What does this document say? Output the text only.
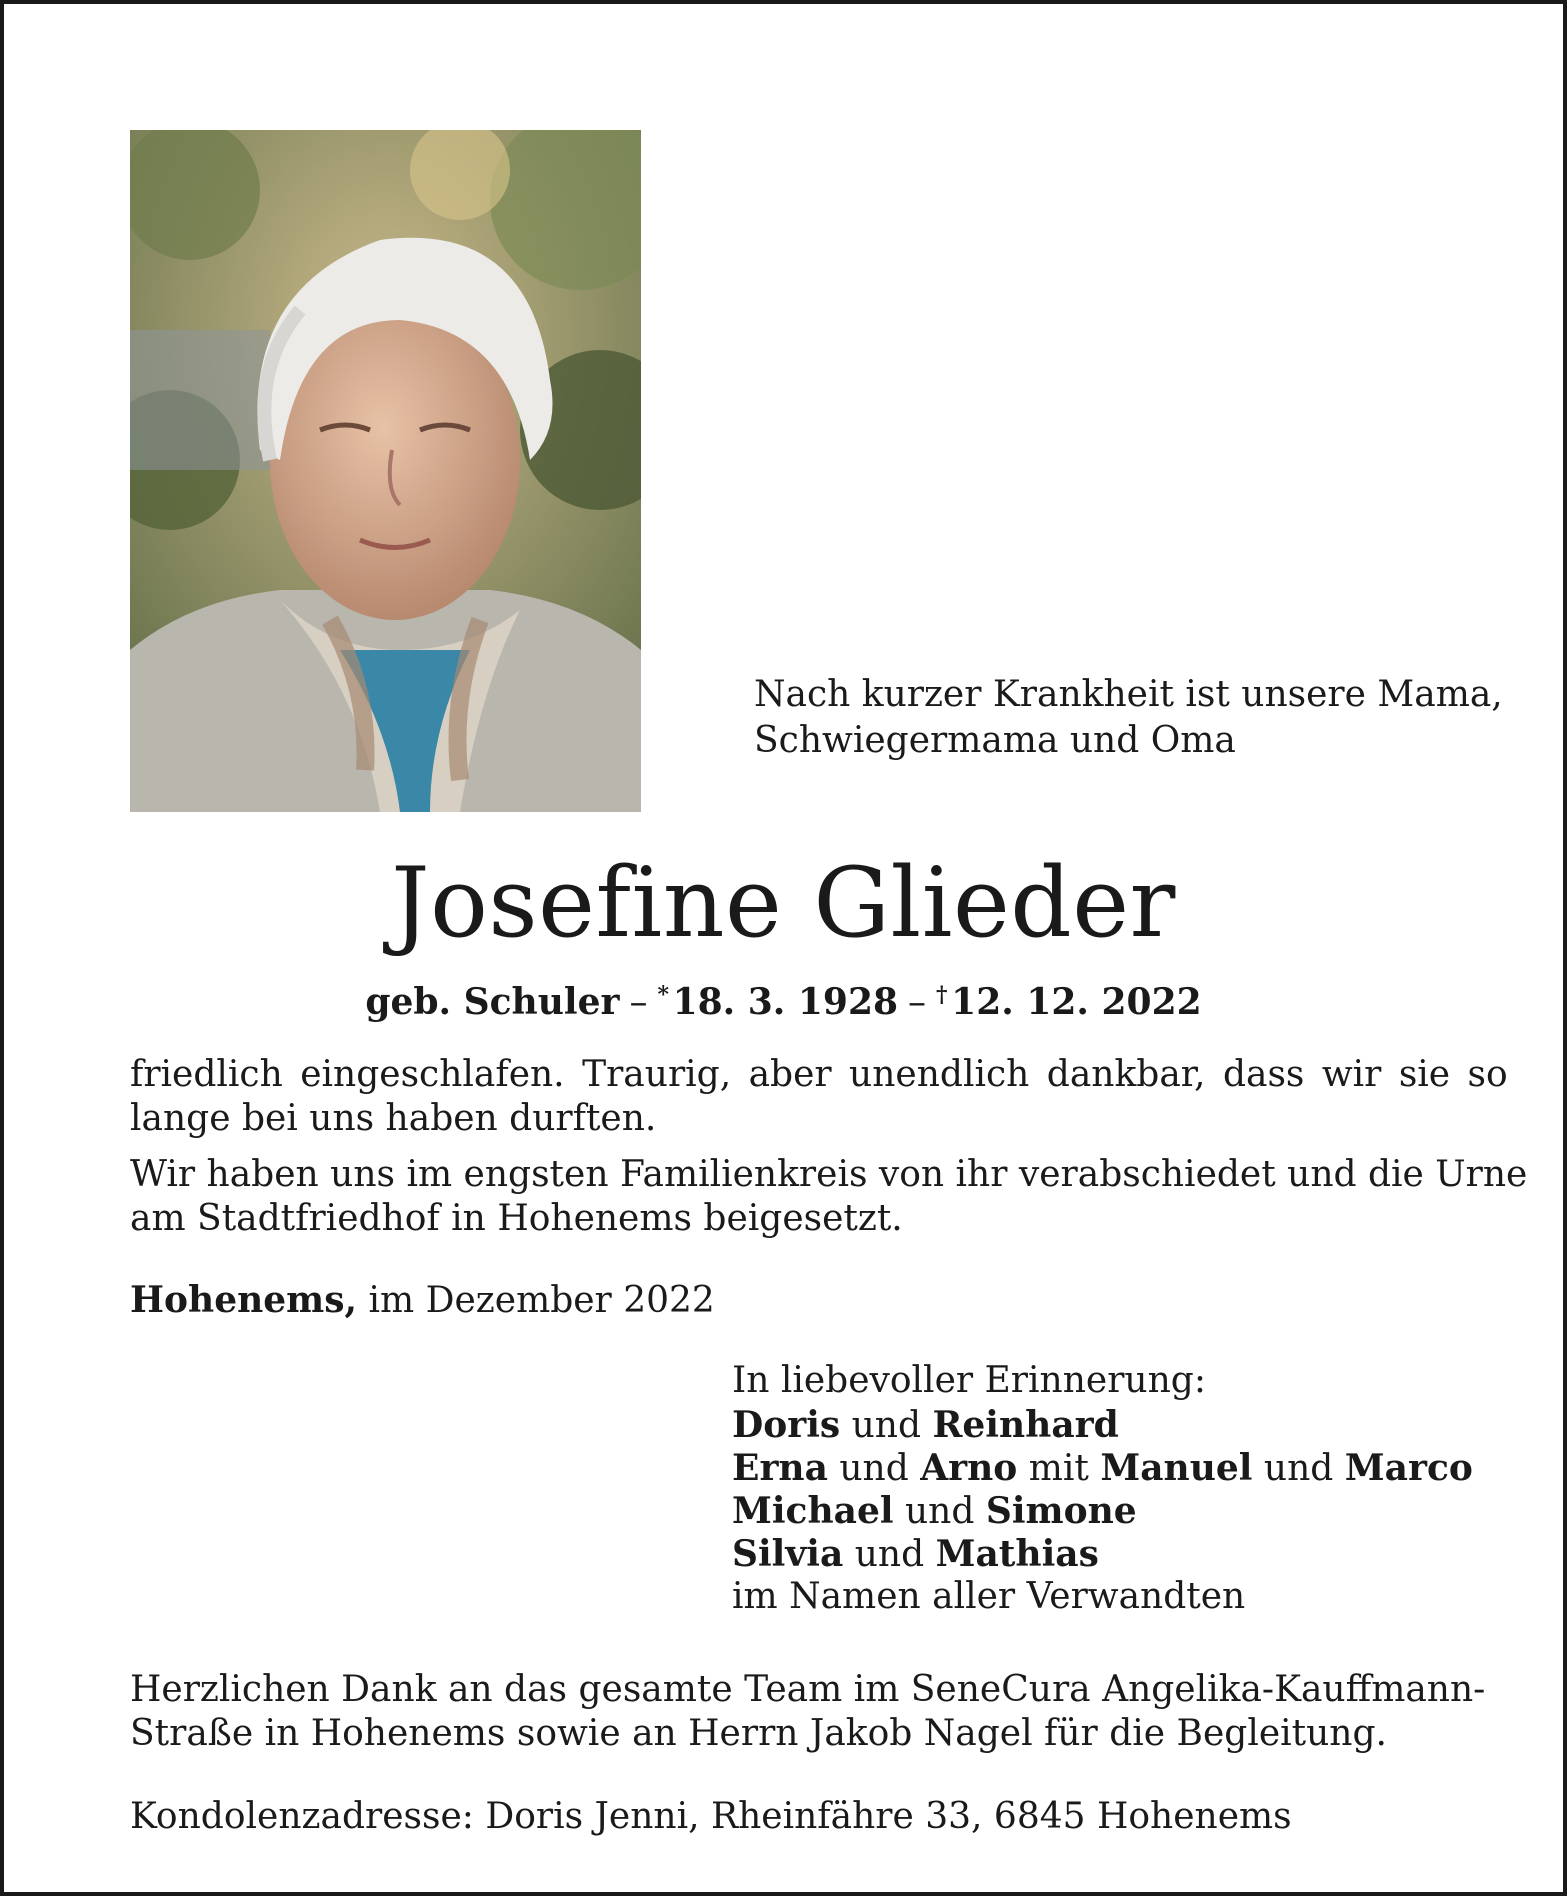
Nach kurzer Krankheit ist unsere Mama,
Schwiegermama und Oma
Josefine Glieder
geb. Schuler – * 18. 3. 1928 – † 12. 12. 2022
friedlich eingeschlafen. Traurig, aber unendlich dankbar, dass wir sie so
lange bei uns haben durften.
Wir haben uns im engsten Familienkreis von ihr verabschiedet und die Urne
am Stadtfriedhof in Hohenems beigesetzt.
Hohenems, im Dezember 2022
In liebevoller Erinnerung:
Doris und Reinhard
Erna und Arno mit Manuel und Marco
Michael und Simone
Silvia und Mathias
im Namen aller Verwandten
Herzlichen Dank an das gesamte Team im SeneCura Angelika-Kauffmann-
Straße in Hohenems sowie an Herrn Jakob Nagel für die Begleitung.
Kondolenzadresse: Doris Jenni, Rheinfähre 33, 6845 Hohenems
